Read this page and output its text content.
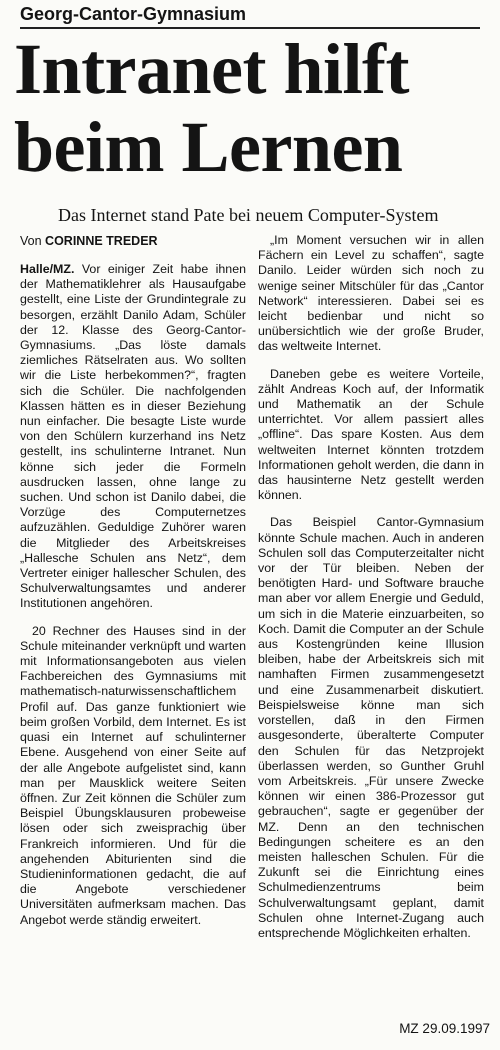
Georg-Cantor-Gymnasium
Intranet hilft
beim Lernen
Das Internet stand Pate bei neuem Computer-System
Von CORINNE TREDER

Halle/MZ. Vor einiger Zeit habe ihnen der Mathematiklehrer als Hausaufgabe gestellt, eine Liste der Grundintegrale zu besorgen, erzählt Danilo Adam, Schüler der 12. Klasse des Georg-Cantor-Gymnasiums. „Das löste damals ziemliches Rätselraten aus. Wo sollten wir die Liste herbekommen?“, fragten sich die Schüler. Die nachfolgenden Klassen hätten es in dieser Beziehung nun einfacher. Die besagte Liste wurde von den Schülern kurzerhand ins Netz gestellt, ins schulinterne Intranet. Nun könne sich jeder die Formeln ausdrucken lassen, ohne lange zu suchen. Und schon ist Danilo dabei, die Vorzüge des Computernetzes aufzuzählen. Geduldige Zuhörer waren die Mitglieder des Arbeitskreises „Hallesche Schulen ans Netz“, dem Vertreter einiger hallescher Schulen, des Schulverwaltungsamtes und anderer Institutionen angehören.

20 Rechner des Hauses sind in der Schule miteinander verknüpft und warten mit Informationsangeboten aus vielen Fachbereichen des Gymnasiums mit mathematisch-naturwissenschaftlichem Profil auf. Das ganze funktioniert wie beim großen Vorbild, dem Internet. Es ist quasi ein Internet auf schulinterner Ebene. Ausgehend von einer Seite auf der alle Angebote aufgelistet sind, kann man per Mausklick weitere Seiten öffnen. Zur Zeit können die Schüler zum Beispiel Übungsklausuren probeweise lösen oder sich zweisprachig über Frankreich informieren. Und für die angehenden Abiturienten sind die Studieninformationen gedacht, die auf die Angebote verschiedener Universitäten aufmerksam machen. Das Angebot werde ständig erweitert.

„Im Moment versuchen wir in allen Fächern ein Level zu schaffen“, sagte Danilo. Leider würden sich noch zu wenige seiner Mitschüler für das „Cantor Network“ interessieren. Dabei sei es leicht bedienbar und nicht so unübersichtlich wie der große Bruder, das weltweite Internet.

Daneben gebe es weitere Vorteile, zählt Andreas Koch auf, der Informatik und Mathematik an der Schule unterrichtet. Vor allem passiert alles „offline“. Das spare Kosten. Aus dem weltweiten Internet könnten trotzdem Informationen geholt werden, die dann in das hausinterne Netz gestellt werden können.

Das Beispiel Cantor-Gymnasium könnte Schule machen. Auch in anderen Schulen soll das Computerzeitalter nicht vor der Tür bleiben. Neben der benötigten Hard- und Software brauche man aber vor allem Energie und Geduld, um sich in die Materie einzuarbeiten, so Koch. Damit die Computer an der Schule aus Kostengründen keine Illusion bleiben, habe der Arbeitskreis sich mit namhaften Firmen zusammengesetzt und eine Zusammenarbeit diskutiert. Beispielsweise könne man sich vorstellen, daß in den Firmen ausgesonderte, überalterte Computer den Schulen für das Netzprojekt überlassen werden, so Gunther Gruhl vom Arbeitskreis. „Für unsere Zwecke können wir einen 386-Prozessor gut gebrauchen“, sagte er gegenüber der MZ. Denn an den technischen Bedingungen scheitere es an den meisten halleschen Schulen. Für die Zukunft sei die Einrichtung eines Schulmedienzentrums beim Schulverwaltungsamt geplant, damit Schulen ohne Internet-Zugang auch entsprechende Möglichkeiten erhalten.

MZ 29.09.1997
